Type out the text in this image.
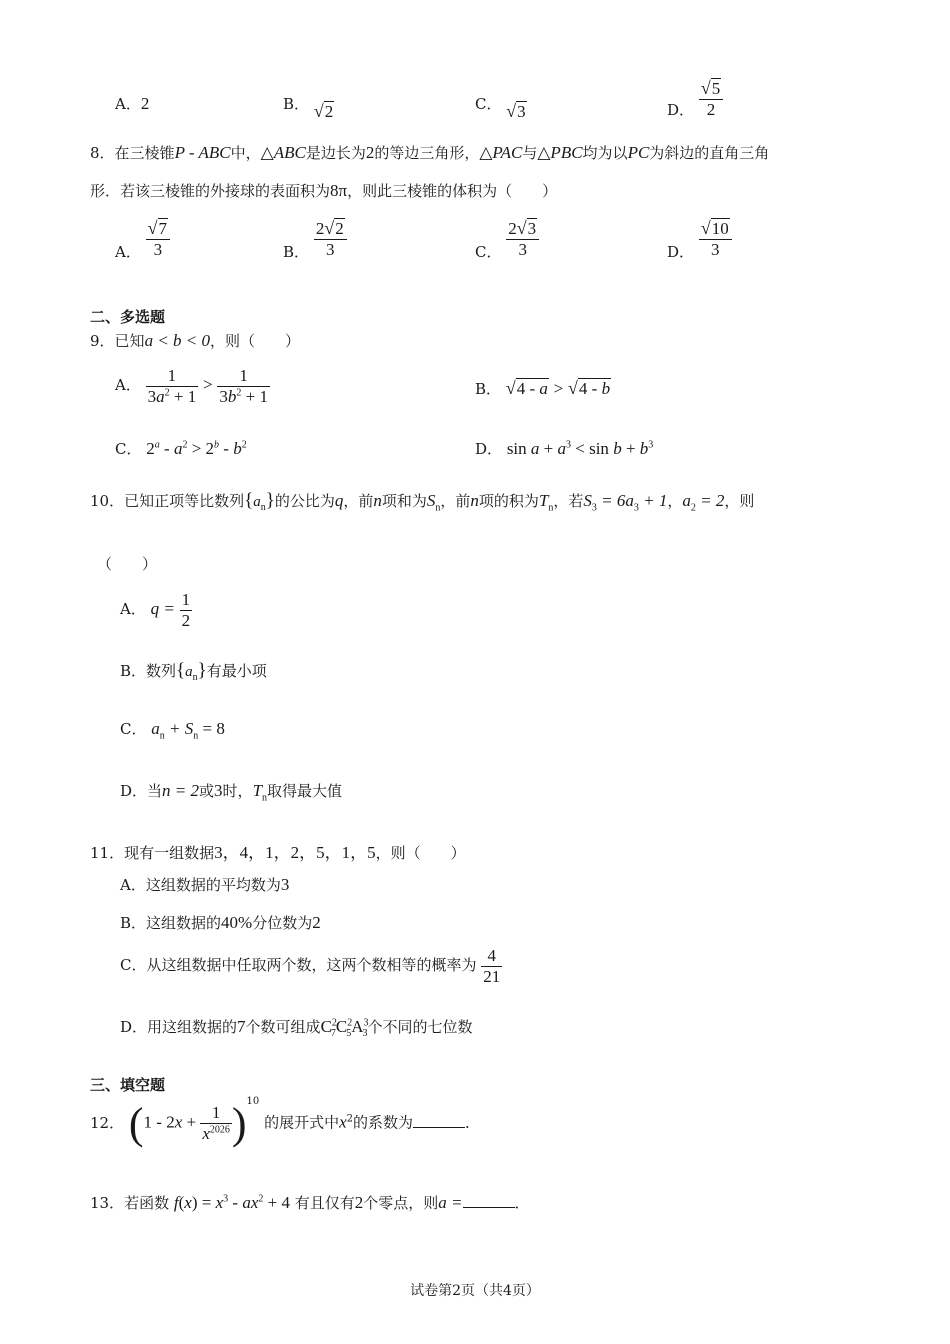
A．2	B． √2	C． √3	D． $\frac{√5}{2}$
8．在三棱锥P - ABC中，△ABC是边长为2的等边三角形，△PAC与△PBC均为以PC为斜边的直角三角
形．若该三棱锥的外接球的表面积为8π，则此三棱锥的体积为（　　）
A． $\frac{√7}{3}$	B． $\frac{2√2}{3}$	C． $\frac{2√3}{3}$	D． $\frac{√10}{3}$
二、多选题
9．已知a < b < 0，则（　　）
A． $\frac{1}{3a^2 + 1} > \frac{1}{3b^2 + 1}$	B． √4 - a > √4 - b
C． $2^a - a^2 > 2^b - b^2$	D． $\sin a + a^3 < \sin b + b^3$
10．已知正项等比数列$\{a_n\}$的公比为q，前n项和为$S_n$，前n项的积为$T_n$，若$S_3 = 6a_3 + 1$，$a_2 = 2$，则
（　　）
A． $q = \frac{1}{2}$
B．数列$\{a_n\}$有最小项
C． $a_n + S_n = 8$
D．当n = 2或3时，$T_n$取得最大值
11．现有一组数据3，4，1，2，5，1，5，则（　　）
A．这组数据的平均数为3
B．这组数据的40%分位数为2
C．从这组数据中任取两个数，这两个数相等的概率为 $\frac{4}{21}$
D．用这组数据的7个数可组成$C^2_7C^2_5A^3_3$个不同的七位数
三、填空题
12． $(1 - 2x + \frac{1}{x^{2026}} )^{10}$ 的展开式中$x^2$的系数为	．
13．若函数 $f(x) = x^3 - ax^2 + 4$ 有且仅有2个零点，则a =	．
试卷第2页（共4页）
